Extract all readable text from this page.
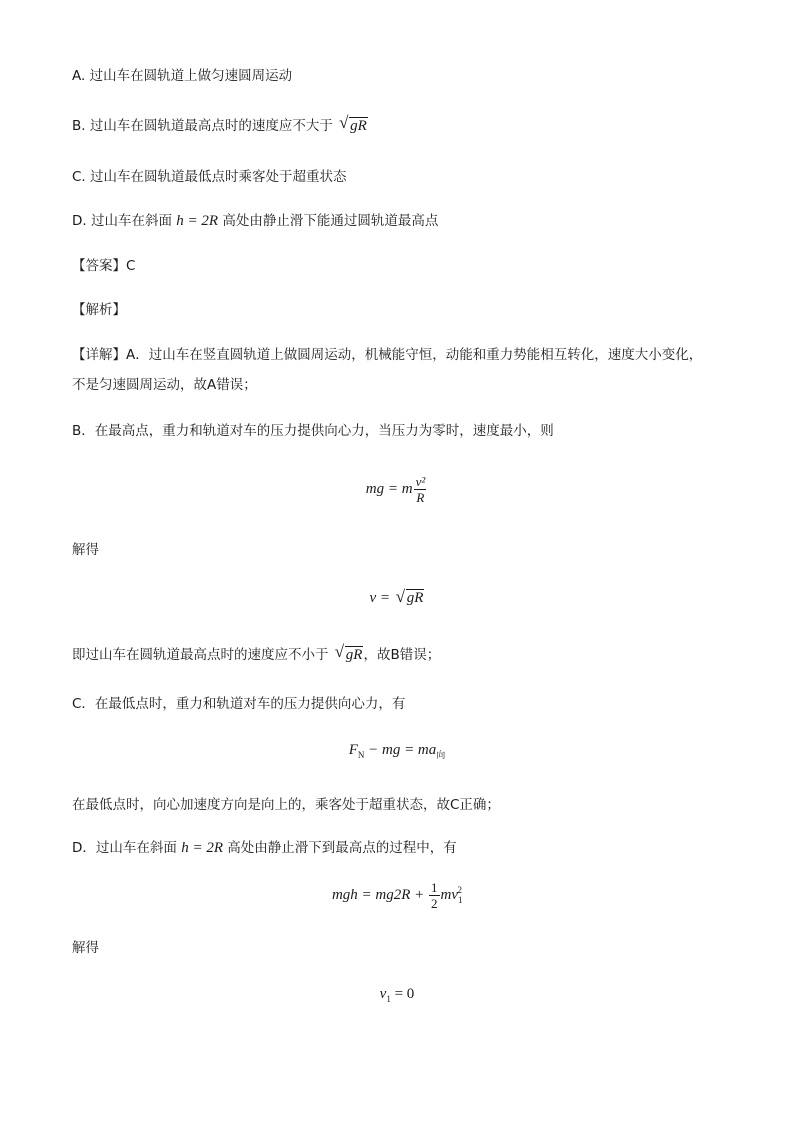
A. 过山车在圆轨道上做匀速圆周运动
B. 过山车在圆轨道最高点时的速度应不大于 √ gR
C. 过山车在圆轨道最低点时乘客处于超重状态
D. 过山车在斜面 h = 2R 高处由静止滑下能通过圆轨道最高点
【答案】C
【解析】
【详解】A．过山车在竖直圆轨道上做圆周运动，机械能守恒，动能和重力势能相互转化，速度大小变化，
不是匀速圆周运动，故A错误；
B．在最高点，重力和轨道对车的压力提供向心力，当压力为零时，速度最小，则
mg = m $\frac{\text{v²}}{R}$
解得
v = √ gR
即过山车在圆轨道最高点时的速度应不小于 √ gR，故B错误；
C．在最低点时，重力和轨道对车的压力提供向心力，有
$F_N$ − mg = $ma_向$
在最低点时，向心加速度方向是向上的，乘客处于超重状态，故C正确；
D．过山车在斜面 h = 2R 高处由静止滑下到最高点的过程中，有
mgh = $mg2R + \frac{1}{2} mv_1^2$
解得
$v_1 = 0$
